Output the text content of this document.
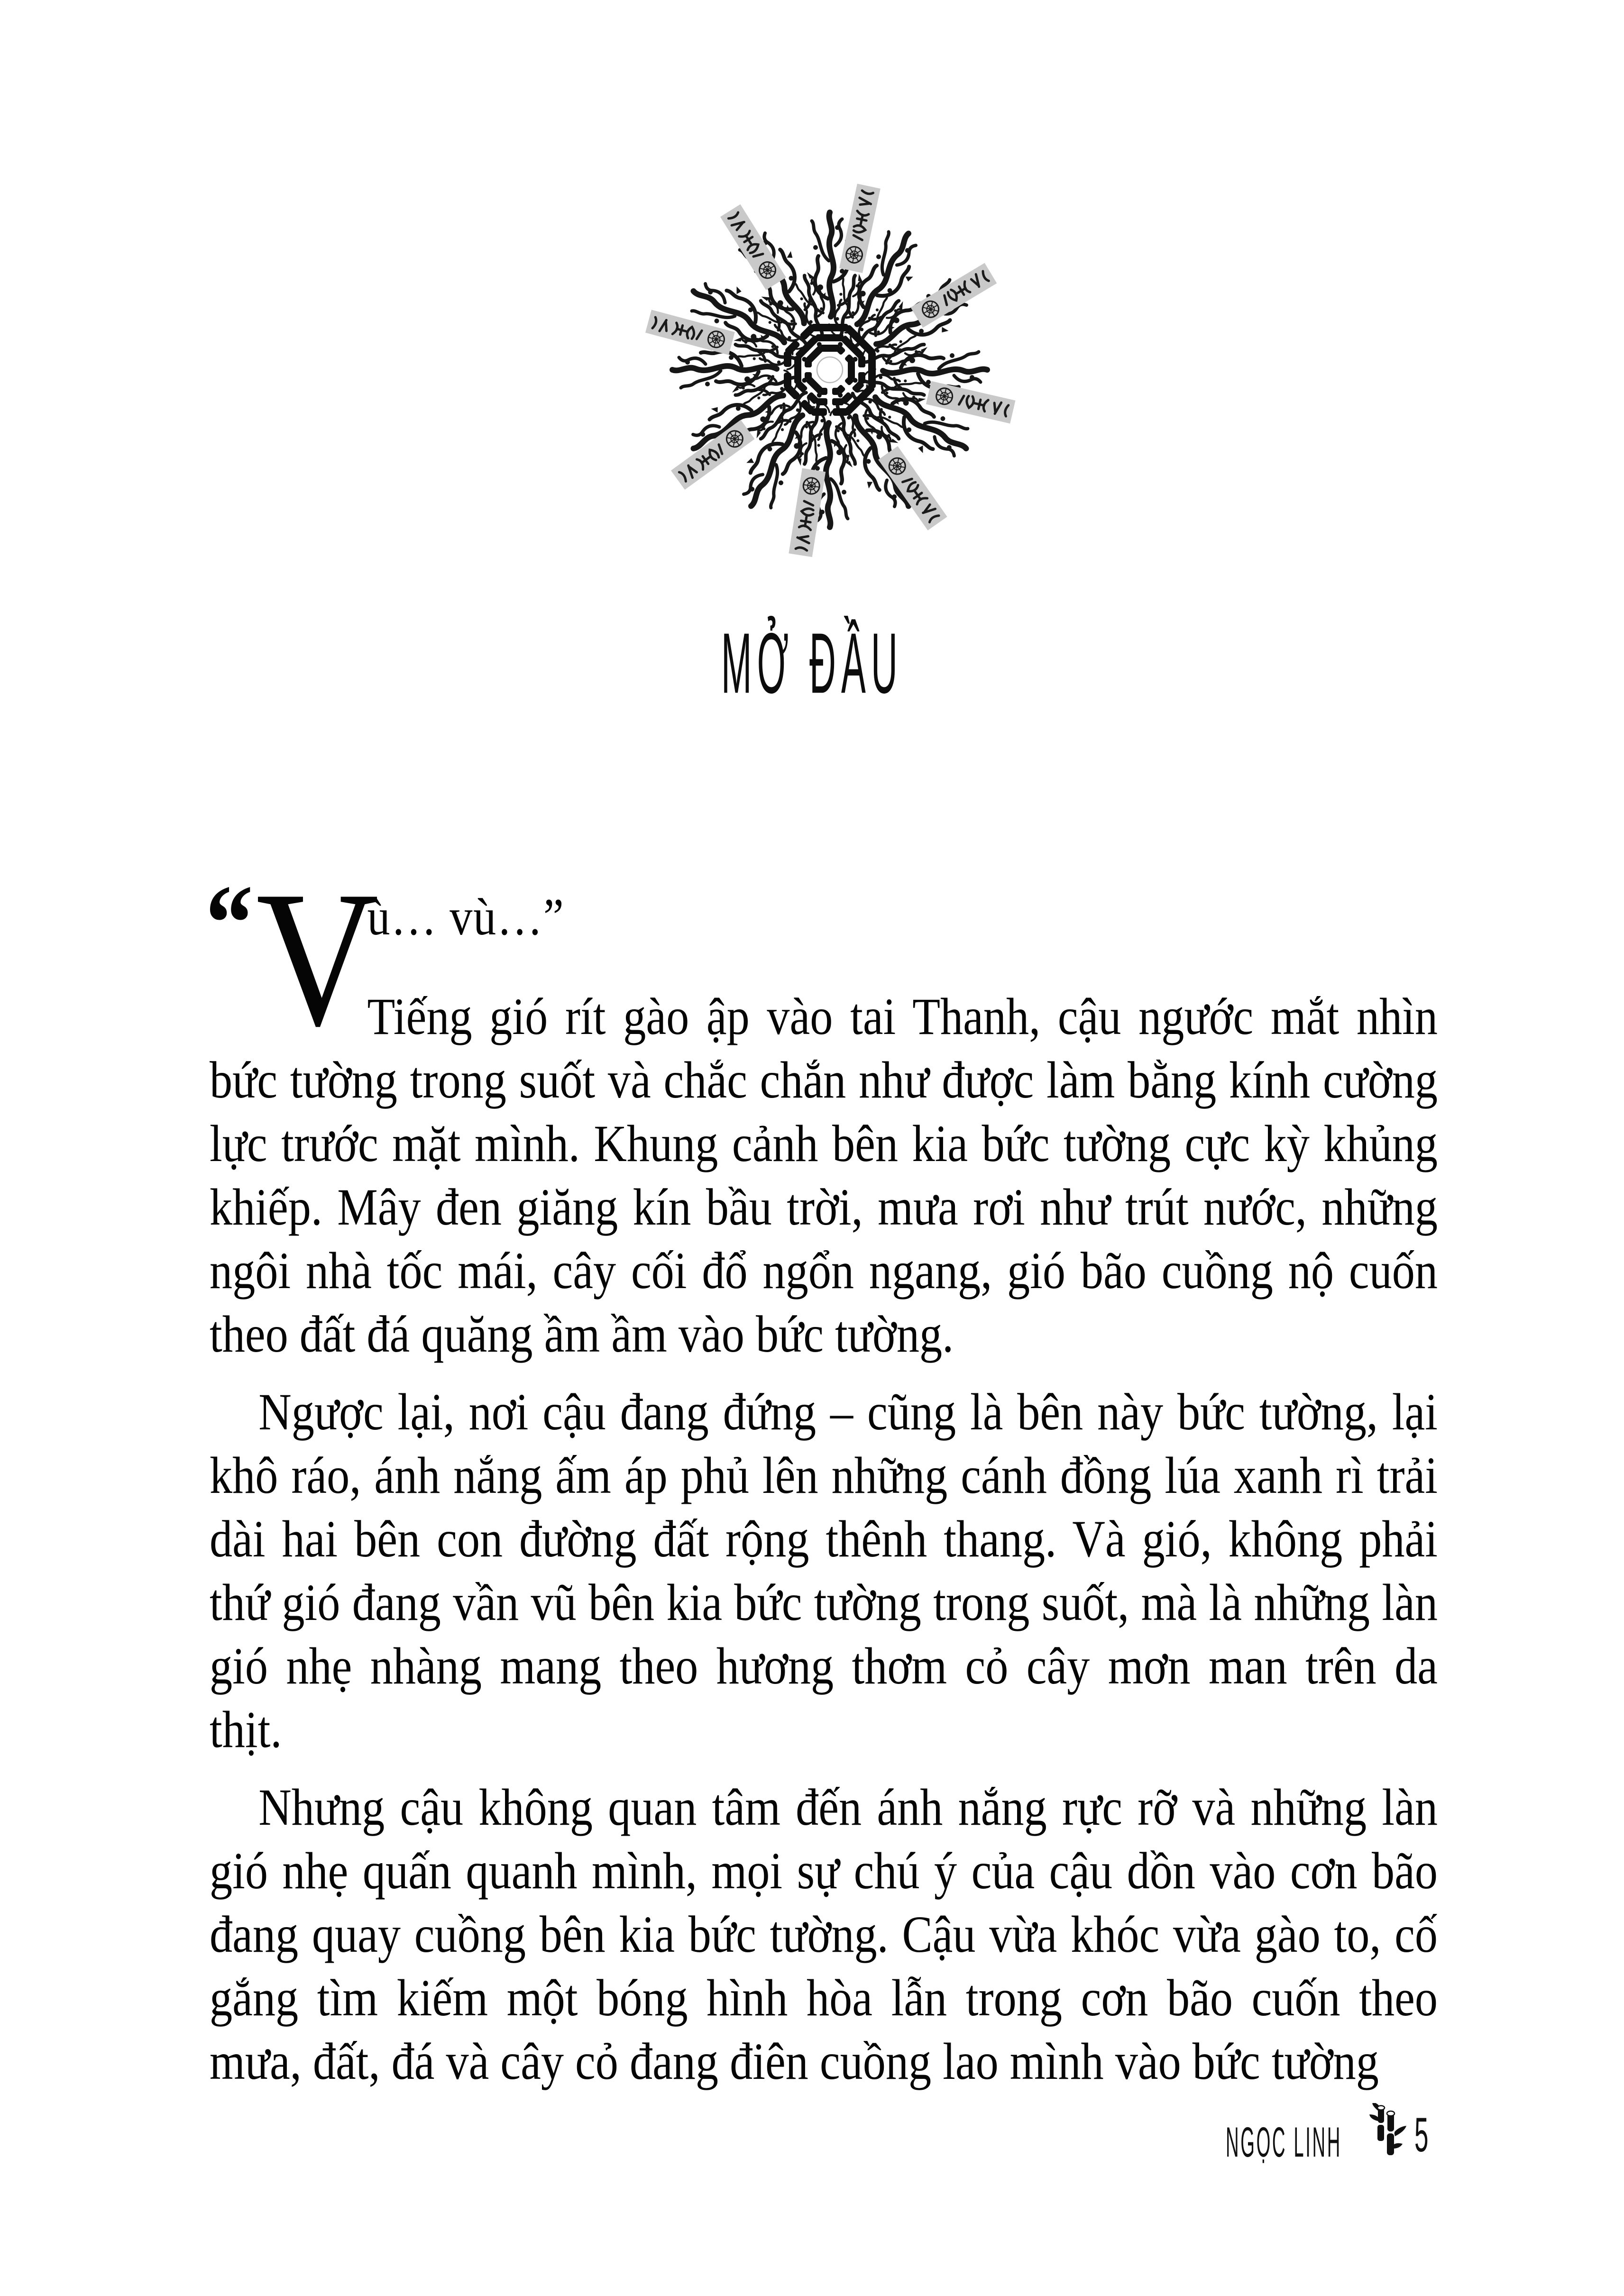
MỞ ĐẦU

“ V
ù… vù…”
Tiếng gió rít gào ập vào tai Thanh, cậu ngước mắt nhìn bức tường trong suốt và chắc chắn như được làm bằng kính cường lực trước mặt mình. Khung cảnh bên kia bức tường cực kỳ khủng khiếp. Mây đen giăng kín bầu trời, mưa rơi như trút nước, những ngôi nhà tốc mái, cây cối đổ ngổn ngang, gió bão cuồng nộ cuốn theo đất đá quăng ầm ầm vào bức tường.

Ngược lại, nơi cậu đang đứng – cũng là bên này bức tường, lại khô ráo, ánh nắng ấm áp phủ lên những cánh đồng lúa xanh rì trải dài hai bên con đường đất rộng thênh thang. Và gió, không phải thứ gió đang vần vũ bên kia bức tường trong suốt, mà là những làn gió nhẹ nhàng mang theo hương thơm cỏ cây mơn man trên da thịt.

Nhưng cậu không quan tâm đến ánh nắng rực rỡ và những làn gió nhẹ quấn quanh mình, mọi sự chú ý của cậu dồn vào cơn bão đang quay cuồng bên kia bức tường. Cậu vừa khóc vừa gào to, cố gắng tìm kiếm một bóng hình hòa lẫn trong cơn bão cuốn theo mưa, đất, đá và cây cỏ đang điên cuồng lao mình vào bức tường

NGỌC LINH 5
